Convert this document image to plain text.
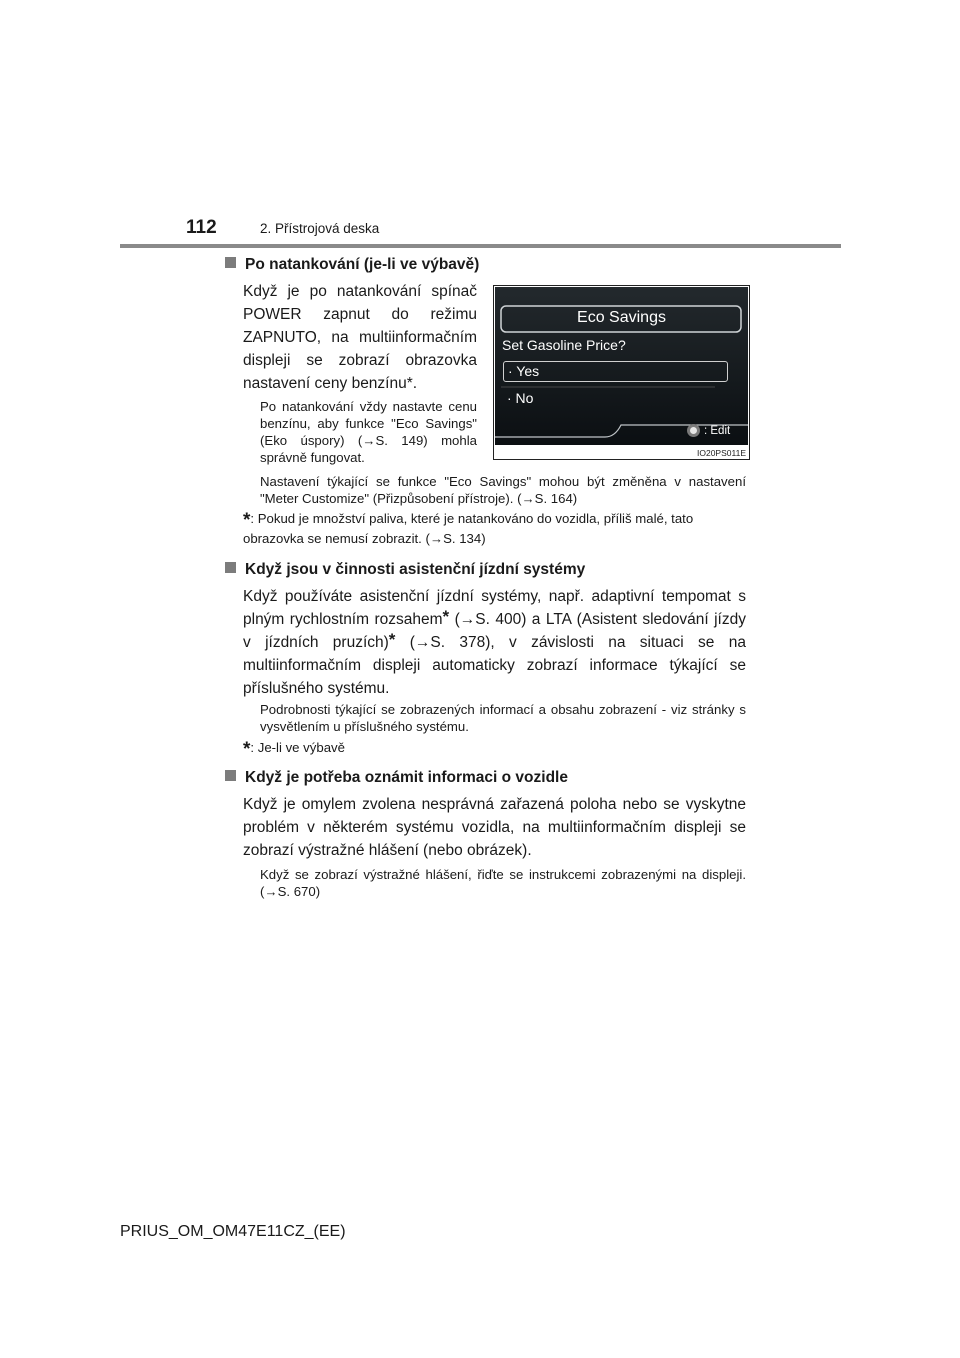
112	2. Přístrojová deska
Po natankování (je-li ve výbavě)
Když je po natankování spínač POWER zapnut do režimu ZAPNUTO, na multiinformačním displeji se zobrazí obrazovka nastavení ceny benzínu*.
Po natankování vždy nastavte cenu benzínu, aby funkce "Eco Savings" (Eko úspory) (→S. 149) mohla správně fungovat.
Nastavení týkající se funkce "Eco Savings" mohou být změněna v nastavení "Meter Customize" (Přizpůsobení přístroje). (→S. 164)
*: Pokud je množství paliva, které je natankováno do vozidla, příliš malé, tato obrazovka se nemusí zobrazit. (→S. 134)
Eco Savings
Set Gasoline Price?
· Yes
· No
: Edit
IO20PS011E
Když jsou v činnosti asistenční jízdní systémy
Když používáte asistenční jízdní systémy, např. adaptivní tempomat s plným rychlostním rozsahem* (→S. 400) a LTA (Asistent sledování jízdy v jízdních pruzích)* (→S. 378), v závislosti na situaci se na multiinformačním displeji automaticky zobrazí informace týkající se příslušného systému.
Podrobnosti týkající se zobrazených informací a obsahu zobrazení - viz stránky s vysvětlením u příslušného systému.
*: Je-li ve výbavě
Když je potřeba oznámit informaci o vozidle
Když je omylem zvolena nesprávná zařazená poloha nebo se vyskytne problém v některém systému vozidla, na multiinformačním displeji se zobrazí výstražné hlášení (nebo obrázek).
Když se zobrazí výstražné hlášení, řiďte se instrukcemi zobrazenými na displeji. (→S. 670)
PRIUS_OM_OM47E11CZ_(EE)
